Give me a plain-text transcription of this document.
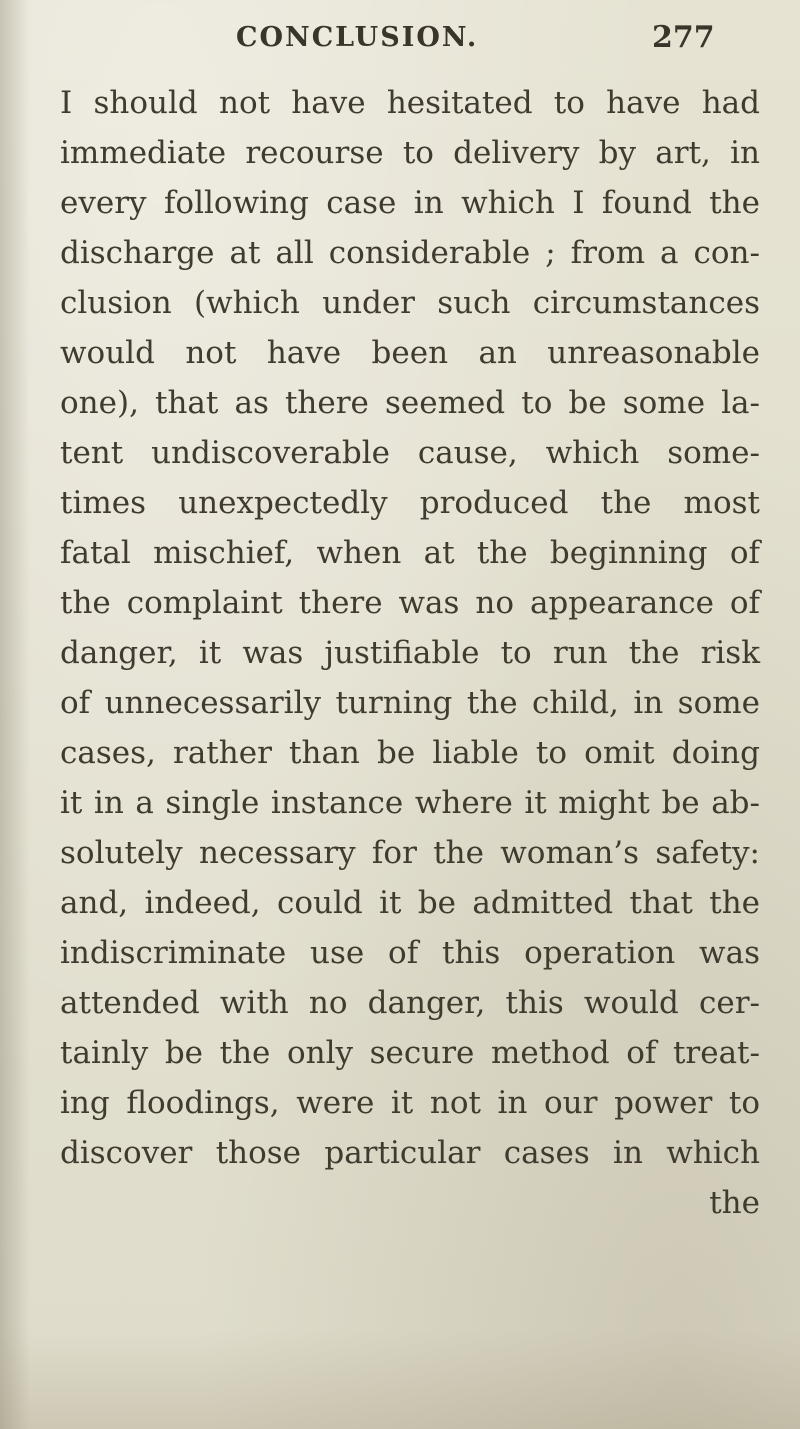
CONCLUSION.	277
I should not have hesitated to have had
immediate recourse to delivery by art, in
every following case in which I found the
discharge at all considerable ; from a con-
clusion (which under such circumstances
would not have been an unreasonable
one), that as there seemed to be some la-
tent undiscoverable cause, which some-
times unexpectedly produced the most
fatal mischief, when at the beginning of
the complaint there was no appearance of
danger, it was justifiable to run the risk
of unnecessarily turning the child, in some
cases, rather than be liable to omit doing
it in a single instance where it might be ab-
solutely necessary for the woman’s safety:
and, indeed, could it be admitted that the
indiscriminate use of this operation was
attended with no danger, this would cer-
tainly be the only secure method of treat-
ing floodings, were it not in our power to
discover those particular cases in which
the
